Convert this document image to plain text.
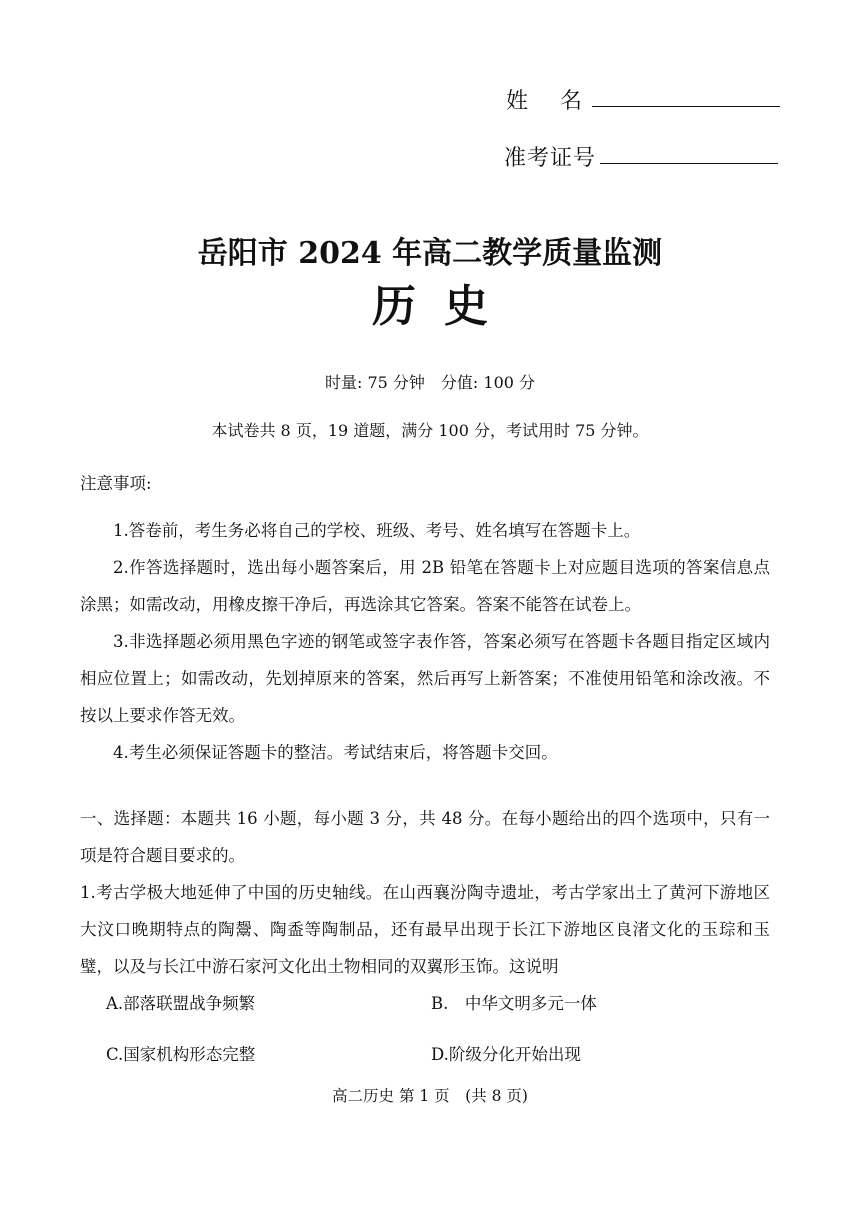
姓　 名
准考证号
岳阳市 2024 年高二教学质量监测
历史
时量: 75 分钟　分值: 100 分
本试卷共 8 页，19 道题，满分 100 分，考试用时 75 分钟。
注意事项:
1.答卷前，考生务必将自己的学校、班级、考号、姓名填写在答题卡上。
2.作答选择题时，选出每小题答案后，用 2B 铅笔在答题卡上对应题目选项的答案信息点涂黑；如需改动，用橡皮擦干净后，再选涂其它答案。答案不能答在试卷上。
3.非选择题必须用黑色字迹的钢笔或签字表作答，答案必须写在答题卡各题目指定区域内相应位置上；如需改动，先划掉原来的答案，然后再写上新答案；不准使用铅笔和涂改液。不按以上要求作答无效。
4.考生必须保证答题卡的整洁。考试结束后，将答题卡交回。
一、选择题：本题共 16 小题，每小题 3 分，共 48 分。在每小题给出的四个选项中，只有一项是符合题目要求的。
1.考古学极大地延伸了中国的历史轴线。在山西襄汾陶寺遗址，考古学家出土了黄河下游地区大汶口晚期特点的陶鬶、陶盉等陶制品，还有最早出现于长江下游地区良渚文化的玉琮和玉璧，以及与长江中游石家河文化出土物相同的双翼形玉饰。这说明
A.部落联盟战争频繁	B.　中华文明多元一体
C.国家机构形态完整	D.阶级分化开始出现
高二历史 第 1 页　(共 8 页)
